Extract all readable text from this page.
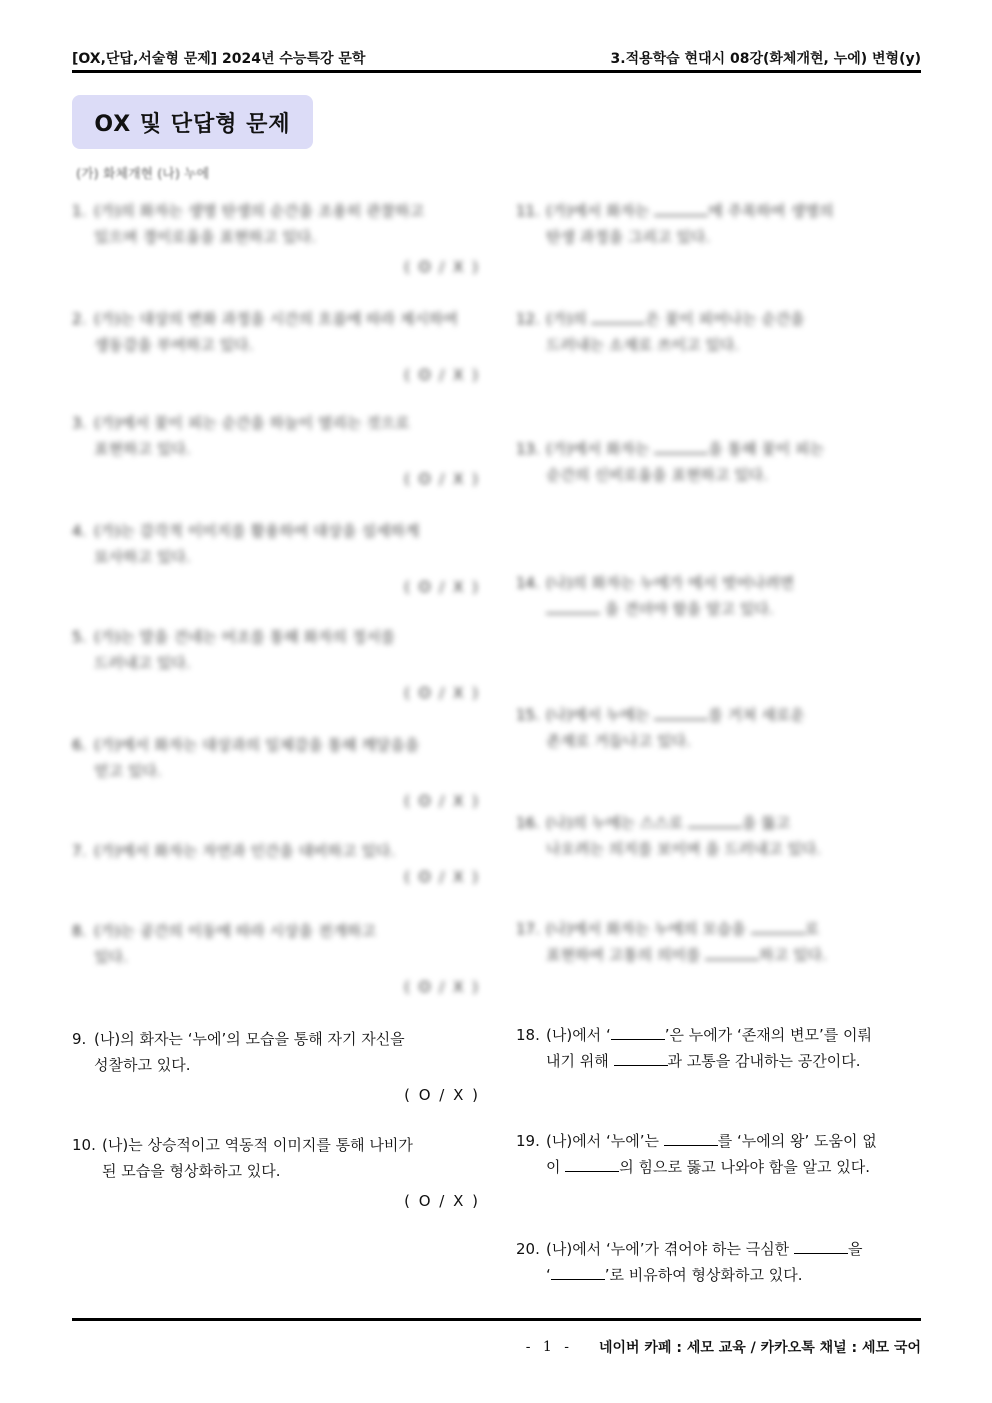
[OX,단답,서술형 문제] 2024년 수능특강 문학	3.적용학습 현대시 08강(화체개현, 누에) 변형(y)
OX 및 단답형 문제
(가) 화체개현 (나) 누에
1. (가)의 화자는 생명 탄생의 순간을 조용히 관찰하고
있으며 경이로움을 표현하고 있다.
( O / X )
2. (가)는 대상의 변화 과정을 시간의 흐름에 따라 제시하여
생동감을 부여하고 있다.
( O / X )
3. (가)에서 꽃이 피는 순간을 하늘이 열리는 것으로
표현하고 있다.
( O / X )
4. (가)는 감각적 이미지를 활용하여 대상을 섬세하게
묘사하고 있다.
( O / X )
5. (가)는 말을 건네는 어조를 통해 화자의 정서를
드러내고 있다.
( O / X )
6. (가)에서 화자는 대상과의 일체감을 통해 깨달음을
얻고 있다.
( O / X )
7. (가)에서 화자는 자연과 인간을 대비하고 있다.
( O / X )
8. (가)는 공간의 이동에 따라 시상을 전개하고
있다.
( O / X )
9. (나)의 화자는 ‘누에’의 모습을 통해 자기 자신을
성찰하고 있다.
( O / X )
10. (나)는 상승적이고 역동적 이미지를 통해 나비가
된 모습을 형상화하고 있다.
( O / X )
11. (가)에서 화자는	에 주목하여 생명의
탄생 과정을 그리고 있다.
12. (가)의	은 꽃이 피어나는 순간을
드러내는 소재로 쓰이고 있다.
13. (가)에서 화자는	을 통해 꽃이 피는
순간의 신비로움을 표현하고 있다.
14. (나)의 화자는 누에가 에서 벗어나려면
을 견뎌야 함을 알고 있다.
15. (나)에서 누에는	를 거쳐 새로운
존재로 거듭나고 있다.
16. (나)의 누에는 스스로	을 뚫고
나오려는 의지를 보이며 을 드러내고 있다.
17. (나)에서 화자는 누에의 모습을	로
표현하여 고통의 의미를	하고 있다.
18. (나)에서 ‘	’은 누에가 ‘존재의 변모’를 이뤄
내기 위해	과 고통을 감내하는 공간이다.
19. (나)에서 ‘누에’는	를 ‘누에의 왕’ 도움이 없
이	의 힘으로 뚫고 나와야 함을 알고 있다.
20. (나)에서 ‘누에’가 겪어야 하는 극심한	을
‘	’로 비유하여 형상화하고 있다.
- 1 - 네이버 카페 : 세모 교육 / 카카오톡 채널 : 세모 국어
